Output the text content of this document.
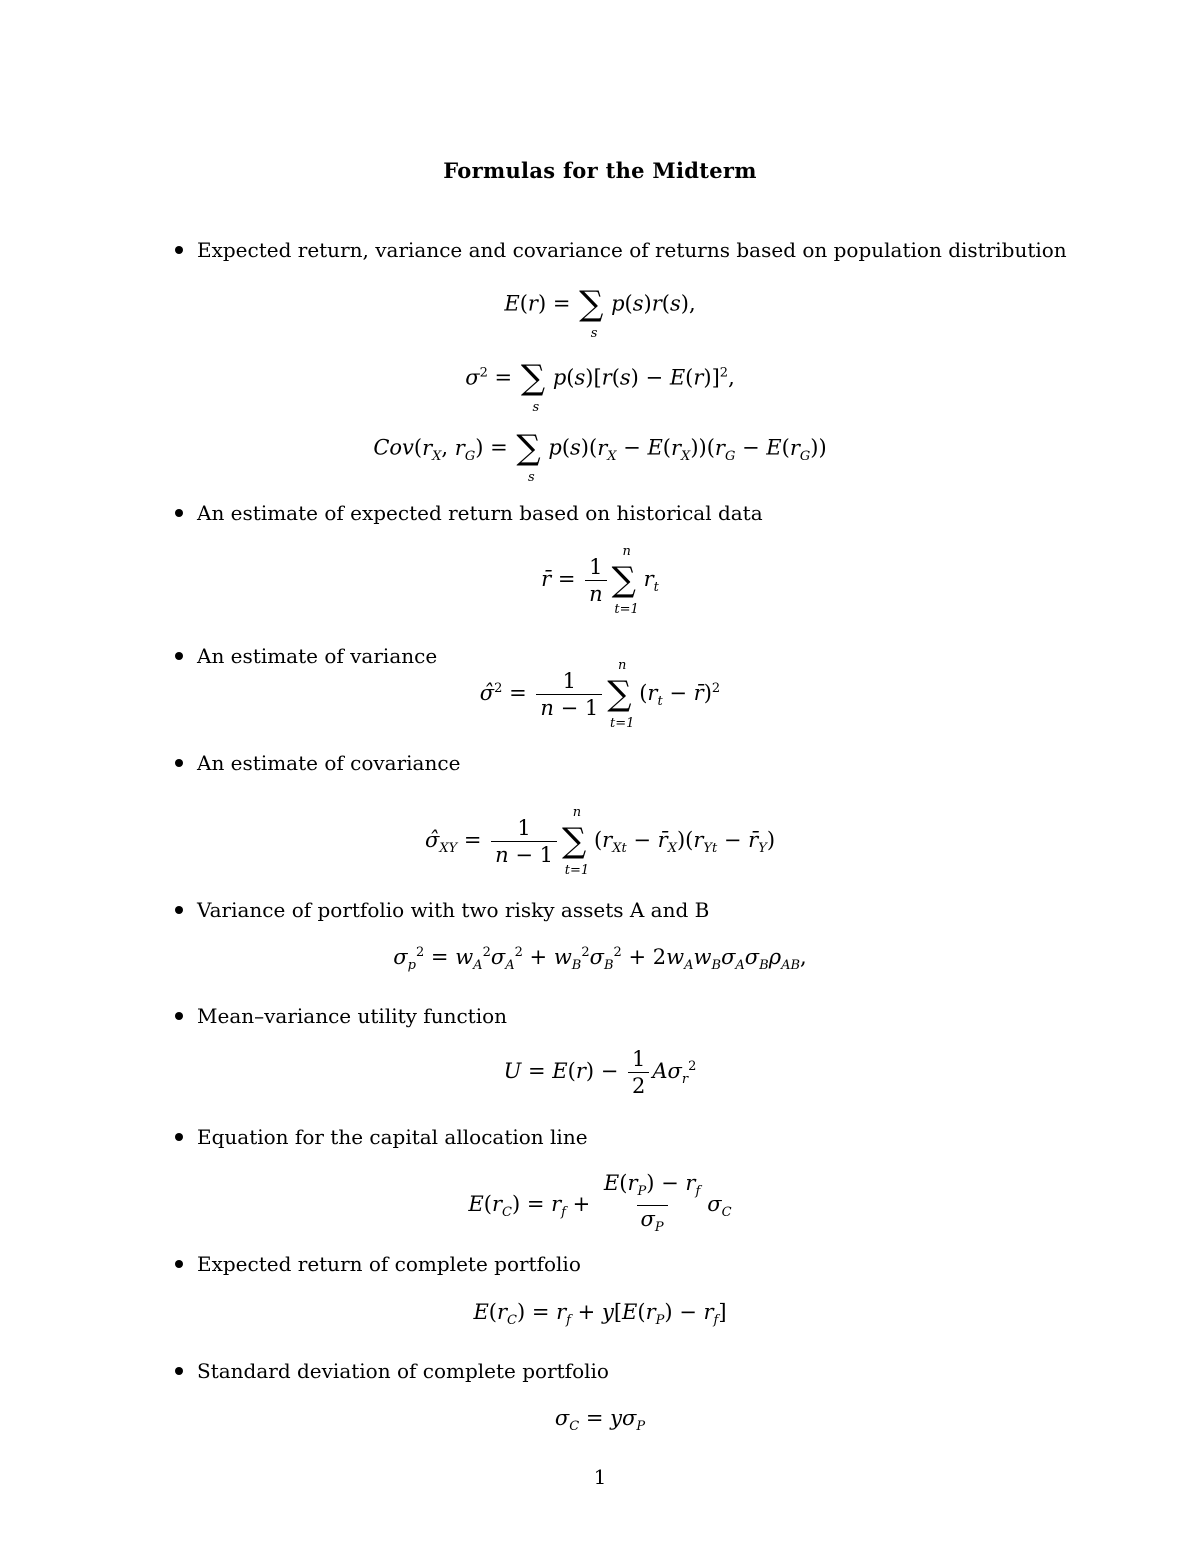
Formulas for the Midterm
Expected return, variance and covariance of returns based on population distribution
E(r) = ∑
s
p(s)r(s),
$\sigma^2$ = ∑
s
$p(s)[r(s) - E(r)]^2$,
$Cov(r_X$, $r_G$) = ∑
s
$p(s)(r_X - E(r_X))(r_G - E(r_G))$
An estimate of expected return based on historical data
r̄ = $\frac{1}{n}$
n
∑
t=1
$r_t$
An estimate of variance
σ̂$^2$ = $\frac{1}{n - 1}$
n
∑
t=1
($r_t$ − r̄)$^2$
An estimate of covariance
$\sigmâ_{XY} = \frac{1}{n - 1}$
n
∑
t=1
($r_{Xt}$ − $r̄_X)(r_{Yt}$ − $r̄_Y$)
Variance of portfolio with two risky assets A and B
$\sigma_p^2 = w_A^2\sigma_A^2 + w_B^2\sigma_B^2 + 2w_Aw_B\sigma_A\sigma_B\rho_{AB}$,
Mean–variance utility function
$U = E(r) - \frac{1}{2} A\sigma_r^2$
Equation for the capital allocation line
$E(r_C) = r_f + \frac{E(r_P) - r_f}{\sigma_P} \sigma_C$
Expected return of complete portfolio
$E(r_C) = r_f + y[E(r_P) - r_f]$
Standard deviation of complete portfolio
$\sigma_C = y\sigma_P$
1
